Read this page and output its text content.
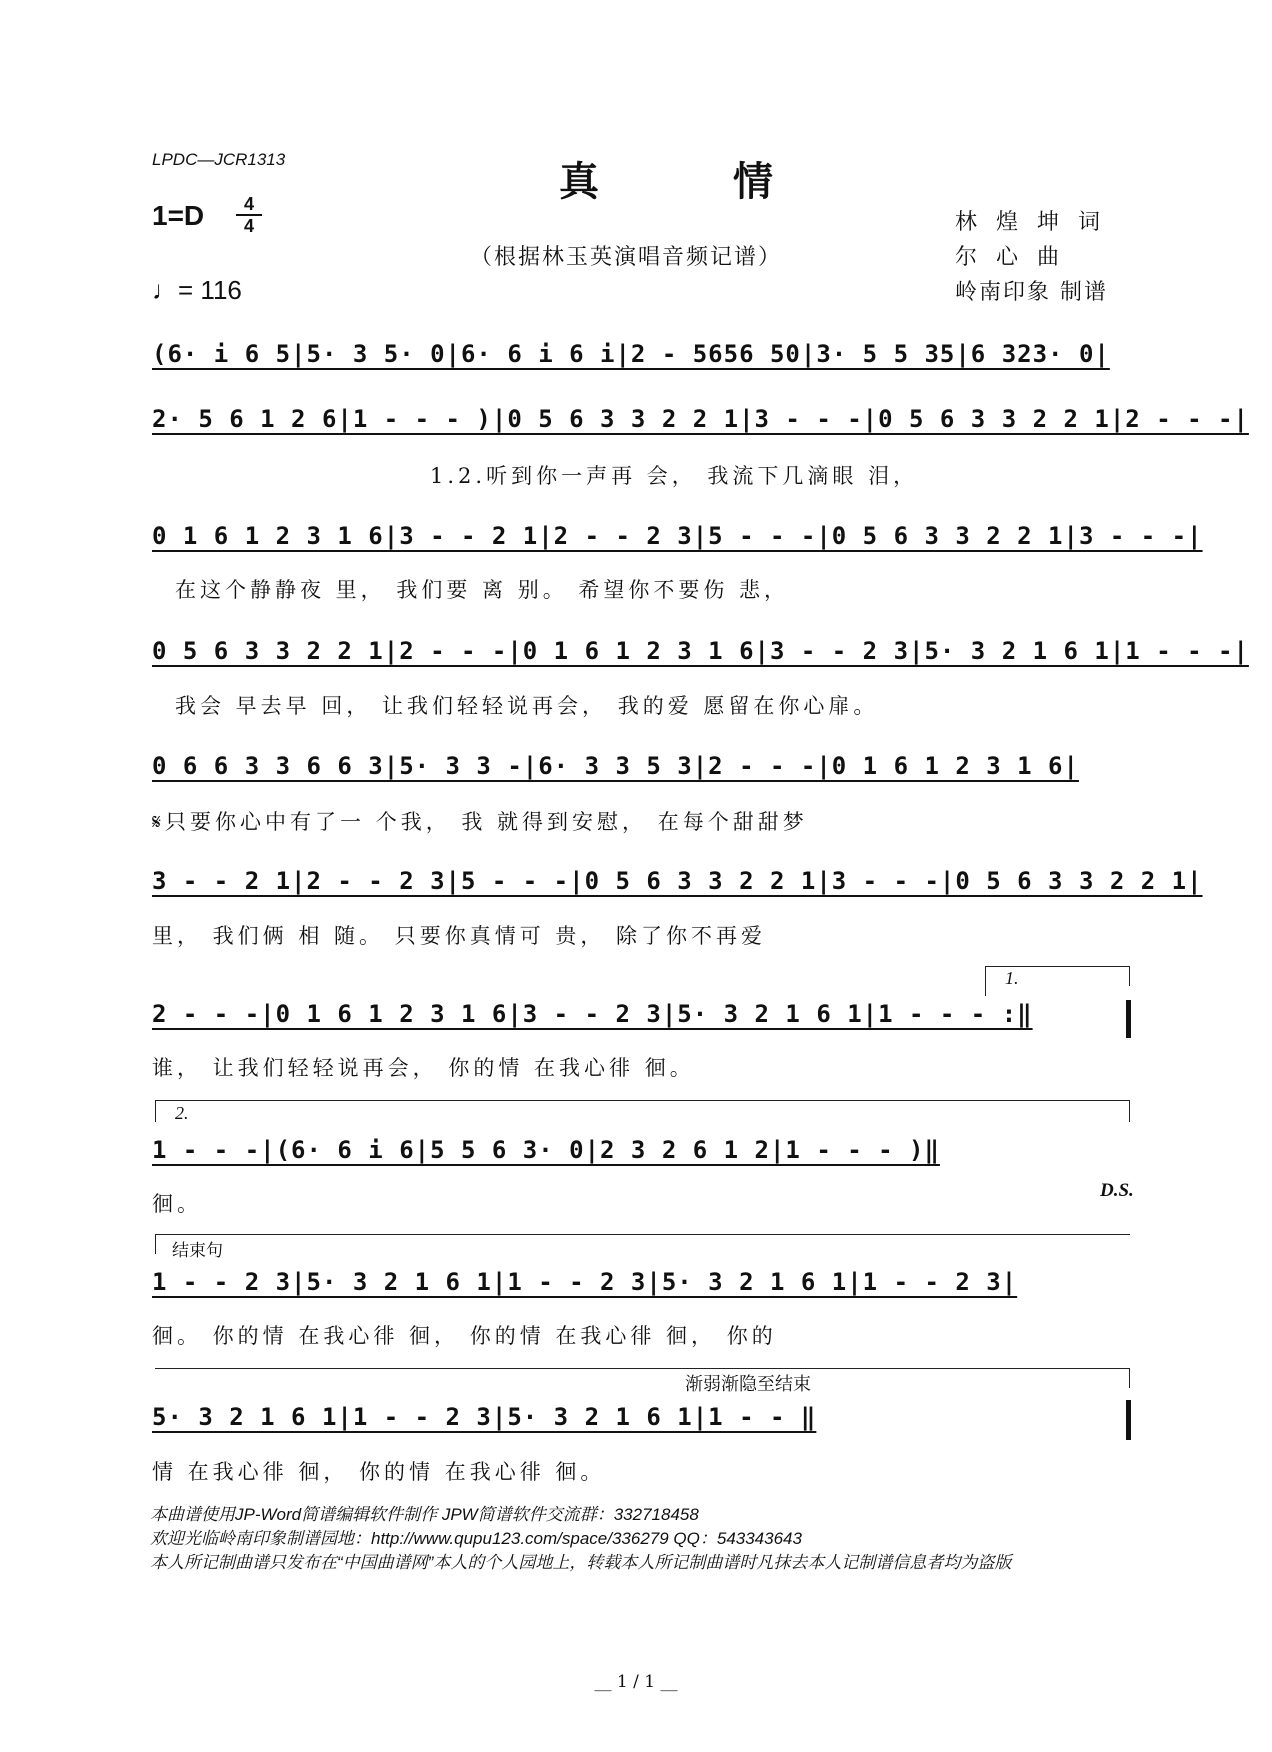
LPDC—JCR1313	真 情
1=D	4
4
♩= 116
（根据林玉英演唱音频记谱）
林 煌 坤 词
尔 心 曲
岭南印象 制谱
(6· i 6 5|5· 3 5· 0|6· 6 i 6 i|2 - 5656 50|3· 5 5 35|6 323· 0|
2· 5 6 1 2 6|1 - - - )|0 5 6 3 3 2 2 1|3 - - -|0 5 6 3 3 2 2 1|2 - - -|
1.2.听到你一声再 会， 我流下几滴眼 泪，
0 1 6 1 2 3 1 6|3 - - 2 1|2 - - 2 3|5 - - -|0 5 6 3 3 2 2 1|3 - - -|
在这个静静夜 里， 我们要 离 别。 希望你不要伤 悲，
0 5 6 3 3 2 2 1|2 - - -|0 1 6 1 2 3 1 6|3 - - 2 3|5· 3 2 1 6 1|1 - - -|
我会 早去早 回， 让我们轻轻说再会， 我的爱 愿留在你心扉。
0 6 6 3 3 6 6 3|5· 3 3 -|6· 3 3 5 3|2 - - -|0 1 6 1 2 3 1 6|
𝄋只要你心中有了一 个我， 我 就得到安慰， 在每个甜甜梦
3 - - 2 1|2 - - 2 3|5 - - -|0 5 6 3 3 2 2 1|3 - - -|0 5 6 3 3 2 2 1|
里， 我们俩 相 随。 只要你真情可 贵， 除了你不再爱
1.
2 - - -|0 1 6 1 2 3 1 6|3 - - 2 3|5· 3 2 1 6 1|1 - - - :‖
谁， 让我们轻轻说再会， 你的情 在我心徘 徊。
2.
1 - - -|(6· 6 i 6|5 5 6 3· 0|2 3 2 6 1 2|1 - - - )‖
徊。
D.S.
结束句
1 - - 2 3|5· 3 2 1 6 1|1 - - 2 3|5· 3 2 1 6 1|1 - - 2 3|
徊。 你的情 在我心徘 徊， 你的情 在我心徘 徊， 你的
渐弱渐隐至结束
5· 3 2 1 6 1|1 - - 2 3|5· 3 2 1 6 1|1 - - ‖
情 在我心徘 徊， 你的情 在我心徘 徊。
本曲谱使用JP-Word简谱编辑软件制作 JPW简谱软件交流群：332718458
欢迎光临岭南印象制谱园地：http://www.qupu123.com/space/336279 QQ：543343643
本人所记制曲谱只发布在“中国曲谱网”本人的个人园地上，转载本人所记制曲谱时凡抹去本人记制谱信息者均为盗版
__ 1 / 1 __
